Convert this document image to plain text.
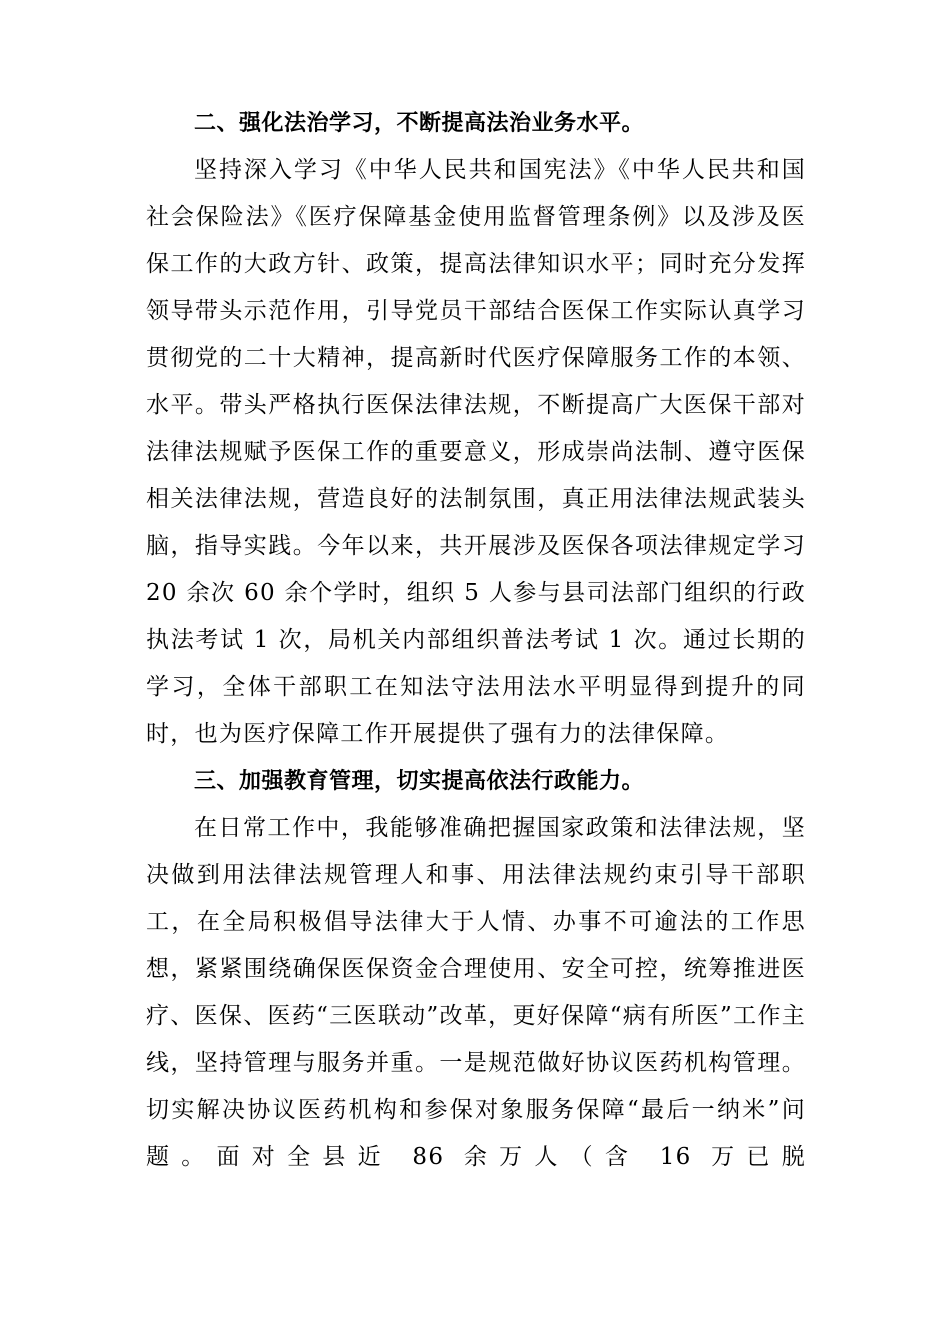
二、强化法治学习，不断提高法治业务水平。

坚持深入学习《中华人民共和国宪法》《中华人民共和国社会保险法》《医疗保障基金使用监督管理条例》以及涉及医保工作的大政方针、政策，提高法律知识水平；同时充分发挥领导带头示范作用，引导党员干部结合医保工作实际认真学习贯彻党的二十大精神，提高新时代医疗保障服务工作的本领、水平。带头严格执行医保法律法规，不断提高广大医保干部对法律法规赋予医保工作的重要意义，形成崇尚法制、遵守医保相关法律法规，营造良好的法制氛围，真正用法律法规武装头脑，指导实践。今年以来，共开展涉及医保各项法律规定学习 20 余次 60 余个学时，组织 5 人参与县司法部门组织的行政执法考试 1 次，局机关内部组织普法考试 1 次。通过长期的学习，全体干部职工在知法守法用法水平明显得到提升的同时，也为医疗保障工作开展提供了强有力的法律保障。

三、加强教育管理，切实提高依法行政能力。

在日常工作中，我能够准确把握国家政策和法律法规，坚决做到用法律法规管理人和事、用法律法规约束引导干部职工，在全局积极倡导法律大于人情、办事不可逾法的工作思想，紧紧围绕确保医保资金合理使用、安全可控，统筹推进医疗、医保、医药“三医联动”改革，更好保障“病有所医”工作主线，坚持管理与服务并重。一是规范做好协议医药机构管理。切实解决协议医药机构和参保对象服务保障“最后一纳米”问题。面对全县近 86 余万人（含 16 万已脱
